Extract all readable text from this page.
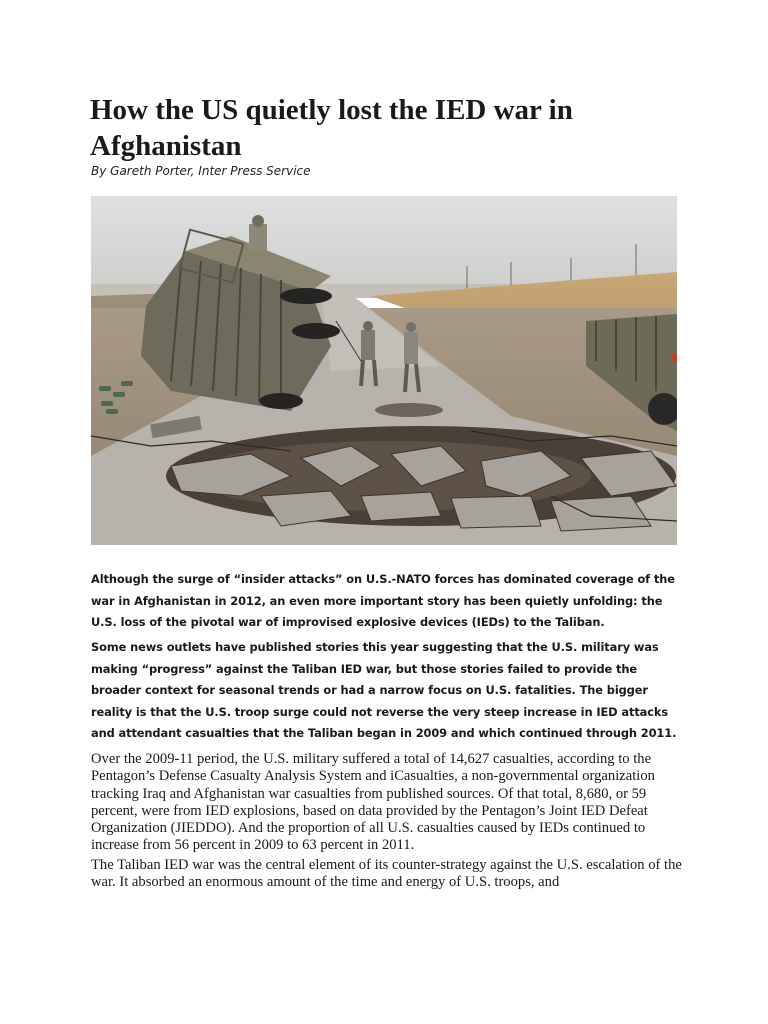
How the US quietly lost the IED war in Afghanistan

By Gareth Porter, Inter Press Service

Although the surge of “insider attacks” on U.S.-NATO forces has dominated coverage of the war in Afghanistan in 2012, an even more important story has been quietly unfolding: the U.S. loss of the pivotal war of improvised explosive devices (IEDs) to the Taliban.

Some news outlets have published stories this year suggesting that the U.S. military was making “progress” against the Taliban IED war, but those stories failed to provide the broader context for seasonal trends or had a narrow focus on U.S. fatalities. The bigger reality is that the U.S. troop surge could not reverse the very steep increase in IED attacks and attendant casualties that the Taliban began in 2009 and which continued through 2011.

Over the 2009-11 period, the U.S. military suffered a total of 14,627 casualties, according to the Pentagon’s Defense Casualty Analysis System and iCasualties, a non-governmental organization tracking Iraq and Afghanistan war casualties from published sources. Of that total, 8,680, or 59 percent, were from IED explosions, based on data provided by the Pentagon’s Joint IED Defeat Organization (JIEDDO). And the proportion of all U.S. casualties caused by IEDs continued to increase from 56 percent in 2009 to 63 percent in 2011.

The Taliban IED war was the central element of its counter-strategy against the U.S. escalation of the war. It absorbed an enormous amount of the time and energy of U.S. troops, and
